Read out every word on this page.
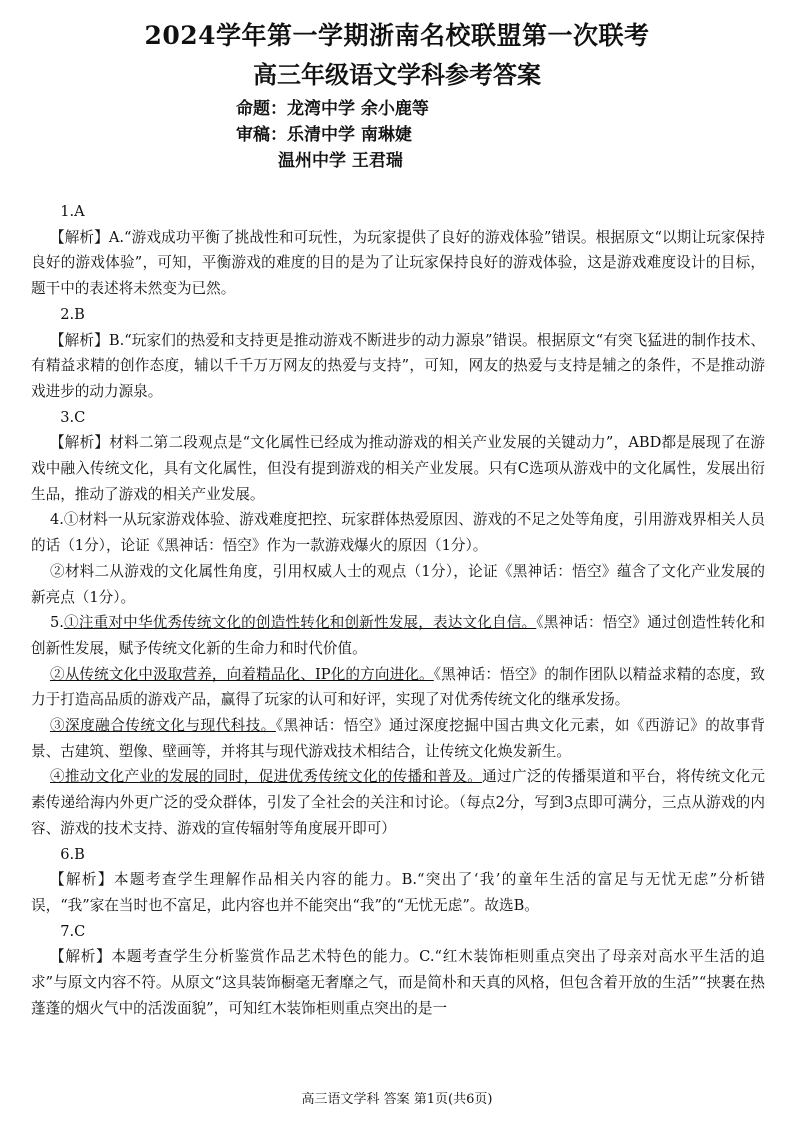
2024学年第一学期浙南名校联盟第一次联考
高三年级语文学科参考答案
命题：龙湾中学 余小鹿等
审稿：乐清中学 南琳婕
温州中学 王君瑞

1.A

【解析】A.“游戏成功平衡了挑战性和可玩性，为玩家提供了良好的游戏体验”错误。根据原文“以期让玩家保持良好的游戏体验”，可知，平衡游戏的难度的目的是为了让玩家保持良好的游戏体验，这是游戏难度设计的目标，题干中的表述将未然变为已然。

2.B

【解析】B.“玩家们的热爱和支持更是推动游戏不断进步的动力源泉”错误。根据原文“有突飞猛进的制作技术、有精益求精的创作态度，辅以千千万万网友的热爱与支持”，可知，网友的热爱与支持是辅之的条件，不是推动游戏进步的动力源泉。

3.C

【解析】材料二第二段观点是“文化属性已经成为推动游戏的相关产业发展的关键动力”，ABD都是展现了在游戏中融入传统文化，具有文化属性，但没有提到游戏的相关产业发展。只有C选项从游戏中的文化属性，发展出衍生品，推动了游戏的相关产业发展。

4.①材料一从玩家游戏体验、游戏难度把控、玩家群体热爱原因、游戏的不足之处等角度，引用游戏界相关人员的话（1分），论证《黑神话：悟空》作为一款游戏爆火的原因（1分）。

②材料二从游戏的文化属性角度，引用权威人士的观点（1分），论证《黑神话：悟空》蕴含了文化产业发展的新亮点（1分）。

5.①注重对中华优秀传统文化的创造性转化和创新性发展，表达文化自信。《黑神话：悟空》通过创造性转化和创新性发展，赋予传统文化新的生命力和时代价值。

②从传统文化中汲取营养，向着精品化、IP化的方向进化。《黑神话：悟空》的制作团队以精益求精的态度，致力于打造高品质的游戏产品，赢得了玩家的认可和好评，实现了对优秀传统文化的继承发扬。

③深度融合传统文化与现代科技。《黑神话：悟空》通过深度挖掘中国古典文化元素，如《西游记》的故事背景、古建筑、塑像、壁画等，并将其与现代游戏技术相结合，让传统文化焕发新生。

④推动文化产业的发展的同时，促进优秀传统文化的传播和普及。通过广泛的传播渠道和平台，将传统文化元素传递给海内外更广泛的受众群体，引发了全社会的关注和讨论。（每点2分，写到3点即可满分，三点从游戏的内容、游戏的技术支持、游戏的宣传辐射等角度展开即可）

6.B

【解析】本题考查学生理解作品相关内容的能力。B.“突出了‘我’的童年生活的富足与无忧无虑”分析错误，“我”家在当时也不富足，此内容也并不能突出“我”的“无忧无虑”。故选B。

7.C

【解析】本题考查学生分析鉴赏作品艺术特色的能力。C.“红木装饰柜则重点突出了母亲对高水平生活的追求”与原文内容不符。从原文“这具装饰橱毫无奢靡之气，而是简朴和天真的风格，但包含着开放的生活”“挟裹在热蓬蓬的烟火气中的活泼面貌”，可知红木装饰柜则重点突出的是一

高三语文学科 答案 第1页(共6页)
